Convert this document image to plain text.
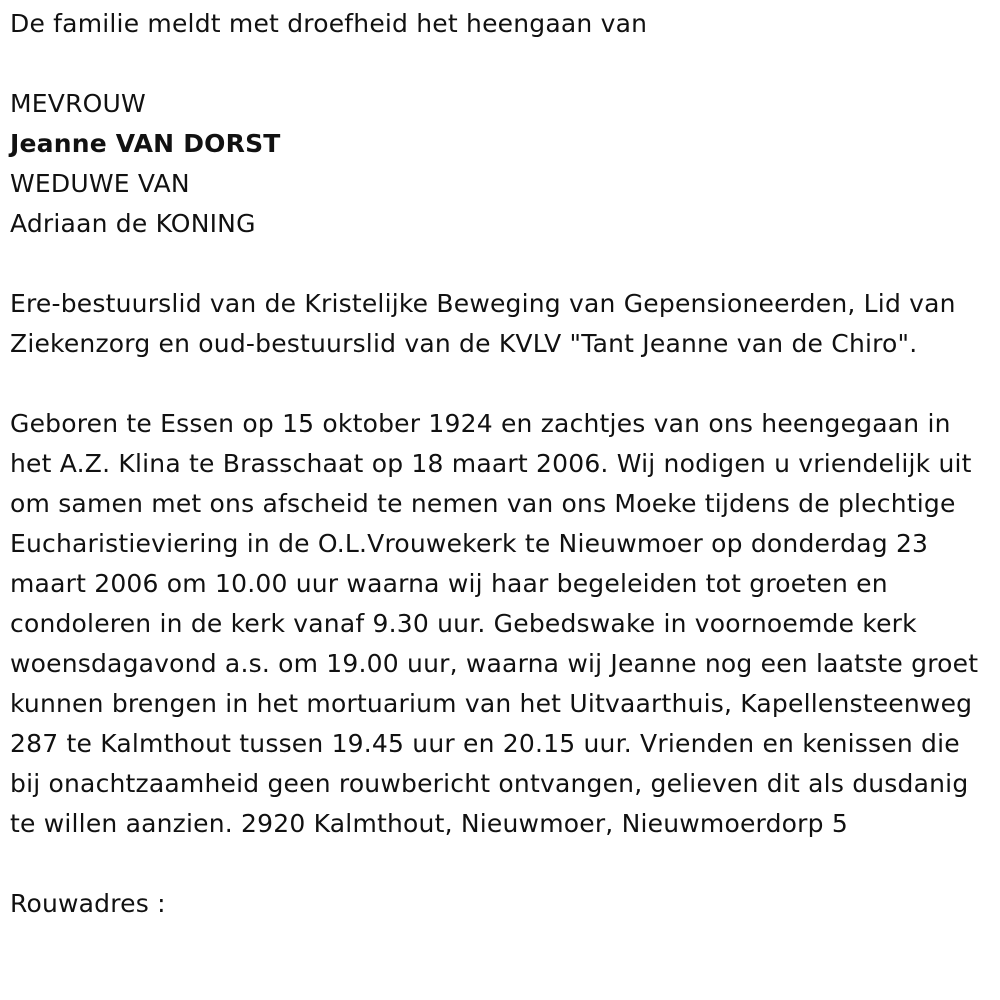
De familie meldt met droefheid het heengaan van

MEVROUW

Jeanne VAN DORST

WEDUWE VAN

Adriaan de KONING

Ere-bestuurslid van de Kristelijke Beweging van Gepensioneerden, Lid van Ziekenzorg en oud-bestuurslid van de KVLV "Tant Jeanne van de Chiro".

Geboren te Essen op 15 oktober 1924 en zachtjes van ons heengegaan in het A.Z. Klina te Brasschaat op 18 maart 2006. Wij nodigen u vriendelijk uit om samen met ons afscheid te nemen van ons Moeke tijdens de plechtige Eucharistieviering in de O.L.Vrouwekerk te Nieuwmoer op donderdag 23 maart 2006 om 10.00 uur waarna wij haar begeleiden tot groeten en condoleren in de kerk vanaf 9.30 uur. Gebedswake in voornoemde kerk woensdagavond a.s. om 19.00 uur, waarna wij Jeanne nog een laatste groet kunnen brengen in het mortuarium van het Uitvaarthuis, Kapellensteenweg 287 te Kalmthout tussen 19.45 uur en 20.15 uur. Vrienden en kenissen die bij onachtzaamheid geen rouwbericht ontvangen, gelieven dit als dusdanig te willen aanzien. 2920 Kalmthout, Nieuwmoer, Nieuwmoerdorp 5

Rouwadres :
